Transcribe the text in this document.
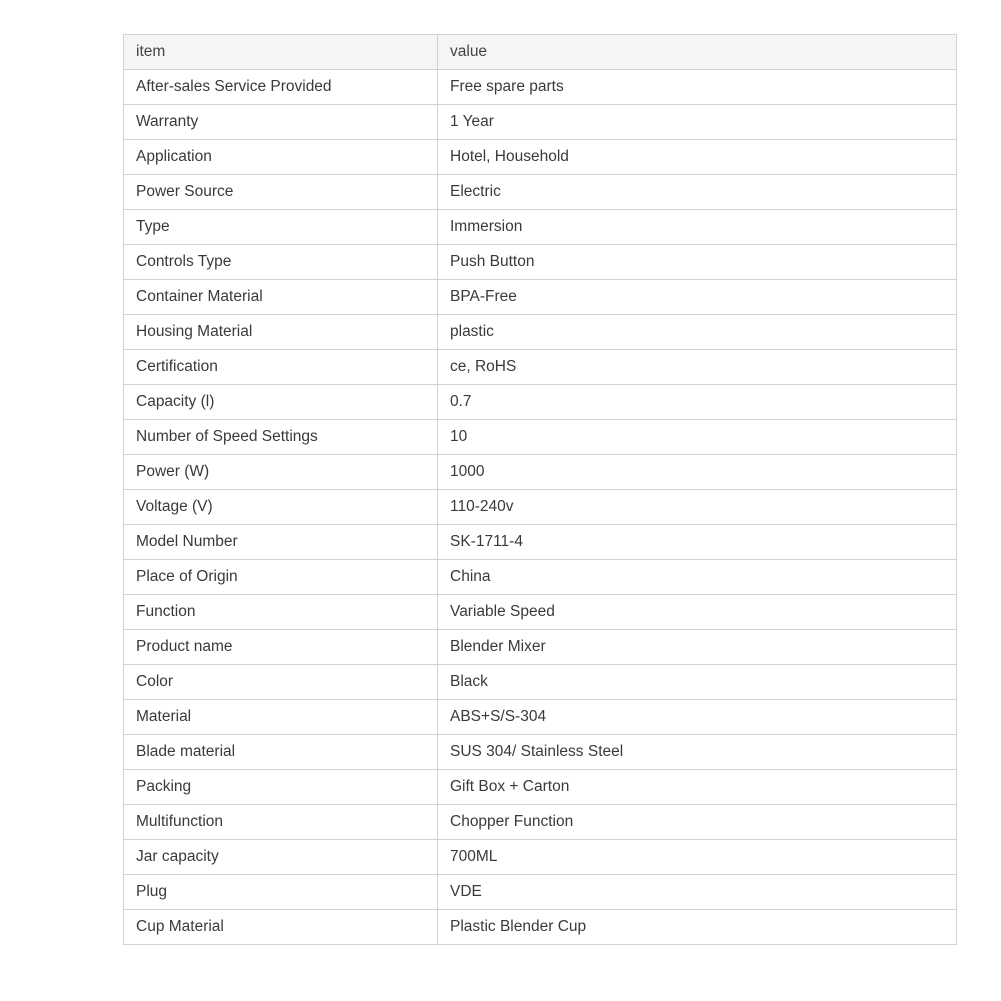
item	value
After-sales Service Provided	Free spare parts
Warranty	1 Year
Application	Hotel, Household
Power Source	Electric
Type	Immersion
Controls Type	Push Button
Container Material	BPA-Free
Housing Material	plastic
Certification	ce, RoHS
Capacity (l)	0.7
Number of Speed Settings	10
Power (W)	1000
Voltage (V)	110-240v
Model Number	SK-1711-4
Place of Origin	China
Function	Variable Speed
Product name	Blender Mixer
Color	Black
Material	ABS+S/S-304
Blade material	SUS 304/ Stainless Steel
Packing	Gift Box + Carton
Multifunction	Chopper Function
Jar capacity	700ML
Plug	VDE
Cup Material	Plastic Blender Cup
